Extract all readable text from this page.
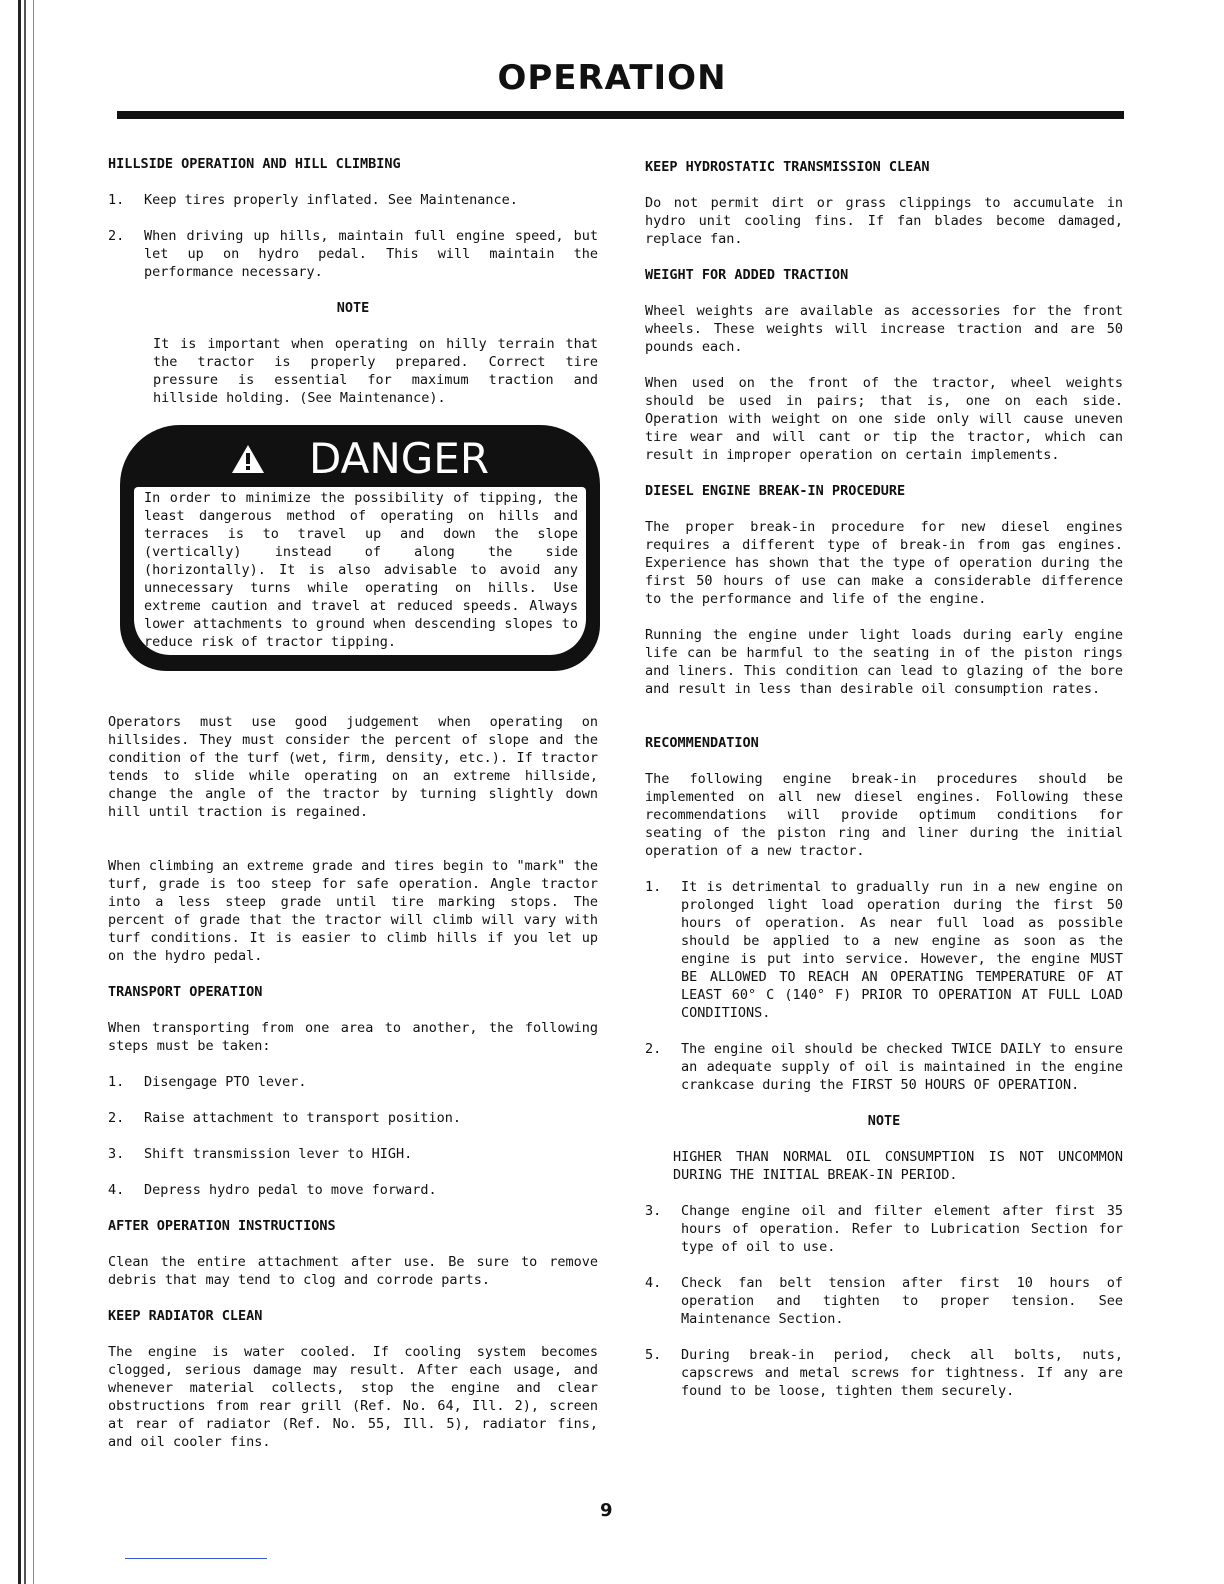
OPERATION
HILLSIDE OPERATION AND HILL CLIMBING
1.	Keep tires properly inflated. See Maintenance.
2.	When driving up hills, maintain full engine speed, but let up on hydro pedal. This will maintain the performance necessary.
NOTE

It is important when operating on hilly terrain that the tractor is properly prepared. Correct tire pressure is essential for maximum traction and hillside holding. (See Maintenance).

DANGER
In order to minimize the possibility of tipping, the least dangerous method of operating on hills and terraces is to travel up and down the slope (vertically) instead of along the side (horizontally). It is also advisable to avoid any unnecessary turns while operating on hills. Use extreme caution and travel at reduced speeds. Always lower attachments to ground when descending slopes to reduce risk of tractor tipping.

Operators must use good judgement when operating on hillsides. They must consider the percent of slope and the condition of the turf (wet, firm, density, etc.). If tractor tends to slide while operating on an extreme hillside, change the angle of the tractor by turning slightly down hill until traction is regained.

When climbing an extreme grade and tires begin to "mark" the turf, grade is too steep for safe operation. Angle tractor into a less steep grade until tire marking stops. The percent of grade that the tractor will climb will vary with turf conditions. It is easier to climb hills if you let up on the hydro pedal.

TRANSPORT OPERATION

When transporting from one area to another, the following steps must be taken:

1.	Disengage PTO lever.
2.	Raise attachment to transport position.
3.	Shift transmission lever to HIGH.
4.	Depress hydro pedal to move forward.
AFTER OPERATION INSTRUCTIONS

Clean the entire attachment after use. Be sure to remove debris that may tend to clog and corrode parts.

KEEP RADIATOR CLEAN

The engine is water cooled. If cooling system becomes clogged, serious damage may result. After each usage, and whenever material collects, stop the engine and clear obstructions from rear grill (Ref. No. 64, Ill. 2), screen at rear of radiator (Ref. No. 55, Ill. 5), radiator fins, and oil cooler fins.

KEEP HYDROSTATIC TRANSMISSION CLEAN

Do not permit dirt or grass clippings to accumulate in hydro unit cooling fins. If fan blades become damaged, replace fan.

WEIGHT FOR ADDED TRACTION

Wheel weights are available as accessories for the front wheels. These weights will increase traction and are 50 pounds each.

When used on the front of the tractor, wheel weights should be used in pairs; that is, one on each side. Operation with weight on one side only will cause uneven tire wear and will cant or tip the tractor, which can result in improper operation on certain implements.

DIESEL ENGINE BREAK-IN PROCEDURE

The proper break-in procedure for new diesel engines requires a different type of break-in from gas engines. Experience has shown that the type of operation during the first 50 hours of use can make a considerable difference to the performance and life of the engine.

Running the engine under light loads during early engine life can be harmful to the seating in of the piston rings and liners. This condition can lead to glazing of the bore and result in less than desirable oil consumption rates.

RECOMMENDATION

The following engine break-in procedures should be implemented on all new diesel engines. Following these recommendations will provide optimum conditions for seating of the piston ring and liner during the initial operation of a new tractor.

1.	It is detrimental to gradually run in a new engine on prolonged light load operation during the first 50 hours of operation. As near full load as possible should be applied to a new engine as soon as the engine is put into service. However, the engine MUST BE ALLOWED TO REACH AN OPERATING TEMPERATURE OF AT LEAST 60° C (140° F) PRIOR TO OPERATION AT FULL LOAD CONDITIONS.
2.	The engine oil should be checked TWICE DAILY to ensure an adequate supply of oil is maintained in the engine crankcase during the FIRST 50 HOURS OF OPERATION.
NOTE

HIGHER THAN NORMAL OIL CONSUMPTION IS NOT UNCOMMON DURING THE INITIAL BREAK-IN PERIOD.

3.	Change engine oil and filter element after first 35 hours of operation. Refer to Lubrication Section for type of oil to use.
4.	Check fan belt tension after first 10 hours of operation and tighten to proper tension. See Maintenance Section.
5.	During break-in period, check all bolts, nuts, capscrews and metal screws for tightness. If any are found to be loose, tighten them securely.
9
